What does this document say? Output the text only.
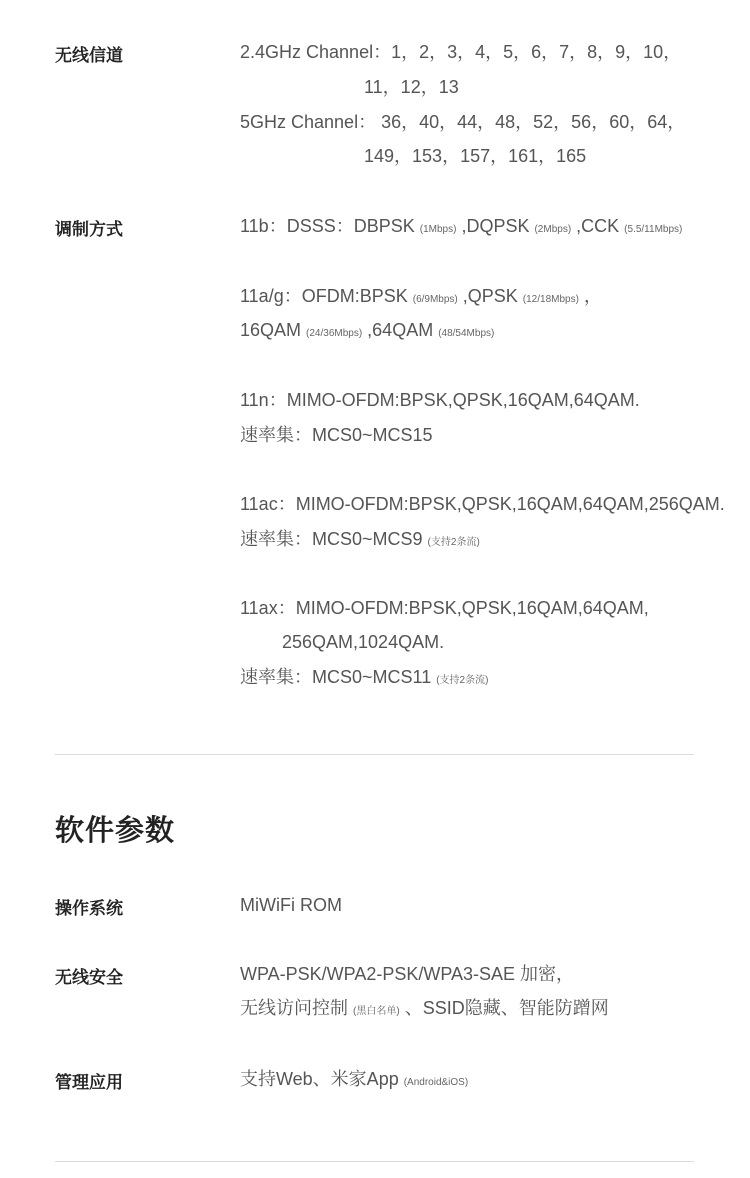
无线信道	2.4GHz Channel：1，2，3，4，5，6，7，8，9，10，
11，12，13
5GHz Channel： 36，40，44，48，52，56，60，64，
149，153，157，161，165
调制方式	11b：DSSS：DBPSK (1Mbps) ,DQPSK (2Mbps) ,CCK (5.5/11Mbps)
11a/g：OFDM:BPSK (6/9Mbps) ,QPSK (12/18Mbps) ，
16QAM (24/36Mbps) ,64QAM (48/54Mbps)
11n：MIMO-OFDM:BPSK,QPSK,16QAM,64QAM.
速率集：MCS0~MCS15
11ac：MIMO-OFDM:BPSK,QPSK,16QAM,64QAM,256QAM.
速率集：MCS0~MCS9 (支持2条流)
11ax：MIMO-OFDM:BPSK,QPSK,16QAM,64QAM,
256QAM,1024QAM.
速率集：MCS0~MCS11 (支持2条流)
软件参数
操作系统	MiWiFi ROM
无线安全	WPA-PSK/WPA2-PSK/WPA3-SAE 加密，
无线访问控制 (黑白名单) 、SSID隐藏、智能防蹭网
管理应用	支持Web、米家App (Android&iOS)
